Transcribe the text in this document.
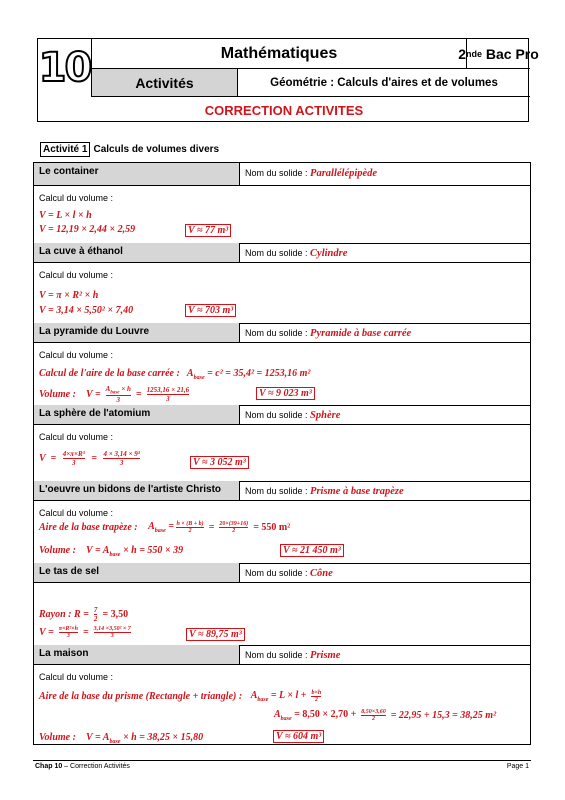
10	Mathématiques	2 nde Bac Pro
Activités	Géométrie : Calculs d'aires et de volumes
CORRECTION ACTIVITES
Activité 1 Calculs de volumes divers
Le container	Nom du solide : Parallélépipède
Calcul du volume :
V = L × l × h
V = 12,19 × 2,44 × 2,59	V ≈ 77 m³
La cuve à éthanol	Nom du solide : Cylindre
Calcul du volume :
V = π × R² × h
V = 3,14 × 5,50² × 7,40	V ≈ 703 m³
La pyramide du Louvre	Nom du solide : Pyramide à base carrée
Calcul du volume :
Calcul de l'aire de la base carrée :   $A_{base} = c^2 = 35,4^2 = 1253,16$ m²
Volume :    V =
$A_{base} \times h$
3
= $\frac{1253,16 \times 21,6}{3}$	V ≈ 9 023 m³
La sphère de l'atomium	Nom du solide : Sphère
Calcul du volume :
$V = \frac{\text{4×π×R³}}{3} = \frac{\text{4 × 3,14 × 9³}}{3}$	V ≈ 3 052 m³
L'oeuvre un bidons de l'artiste Christo	Nom du solide : Prisme à base trapèze
Calcul du volume :
Aire de la base trapèze : $A_{base} = \frac{h \times (B + b)}{2} = \frac{20\times(39+16)}{2} = 550$ m²
Volume :    $V = A_{base} \times h = 550 \times 39$	V ≈ 21 450 m³
Le tas de sel	Nom du solide : Cône
Rayon : $R = \frac{7}{2} = 3,50$
$V = \frac{\text{π×R²×h}}{3} = \frac{\text{3,14 ×3,50² × 7}}{3}$	V ≈ 89,75 m³
La maison	Nom du solide : Prisme
Calcul du volume :
Aire de la base du prisme (Rectangle + triangle) : $A_{base} = L \times l + \frac{b\times h}{2}$
$A_{base} = 8,50 \times 2,70 + \frac{8,50\times 3,60}{2} = 22,95 + 15,3 = 38,25$ m²
Volume :    $V = A_{base} \times h = 38,25 \times 15,80$	V ≈ 604 m³
Chap 10 – Correction Activités	Page 1
